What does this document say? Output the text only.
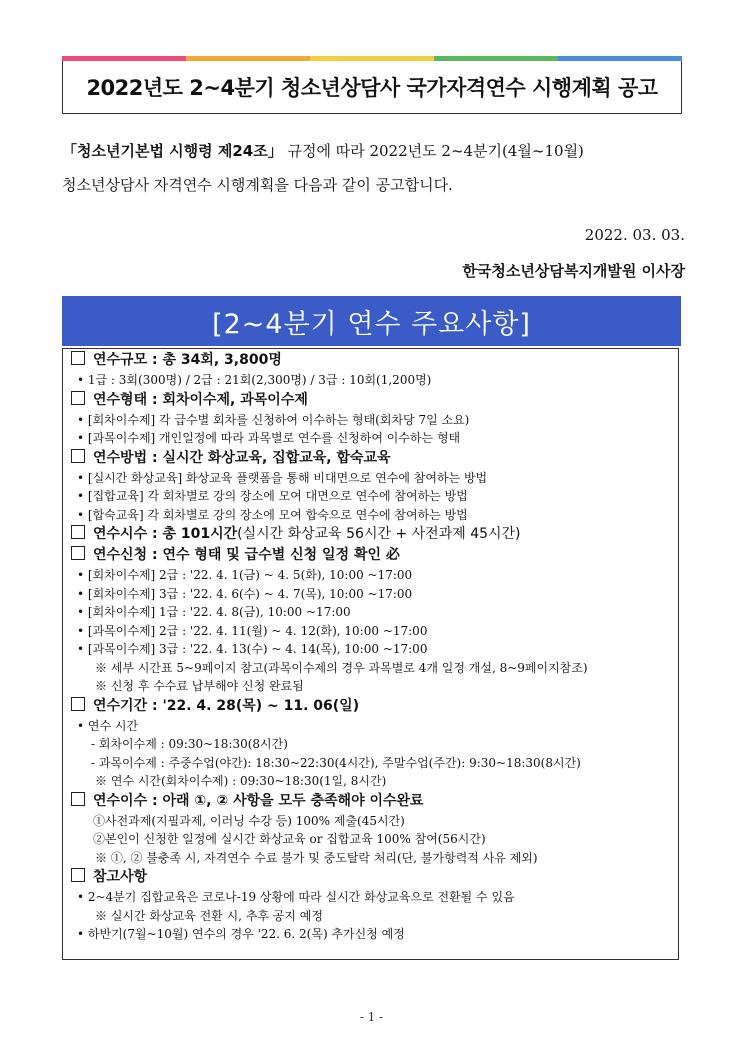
2022년도 2~4분기 청소년상담사 국가자격연수 시행계획 공고
「청소년기본법 시행령 제24조」 규정에 따라 2022년도 2~4분기(4월~10월)
청소년상담사 자격연수 시행계획을 다음과 같이 공고합니다.
2022. 03. 03.
한국청소년상담복지개발원 이사장
[2~4분기 연수 주요사항]
연수규모 : 총 34회, 3,800명
• 1급 : 3회(300명) / 2급 : 21회(2,300명) / 3급 : 10회(1,200명)
연수형태 : 회차이수제, 과목이수제
• [회차이수제] 각 급수별 회차를 신청하여 이수하는 형태(회차당 7일 소요)
• [과목이수제] 개인일정에 따라 과목별로 연수를 신청하여 이수하는 형태
연수방법 : 실시간 화상교육, 집합교육, 합숙교육
• [실시간 화상교육] 화상교육 플랫폼을 통해 비대면으로 연수에 참여하는 방법
• [집합교육] 각 회차별로 강의 장소에 모여 대면으로 연수에 참여하는 방법
• [합숙교육] 각 회차별로 강의 장소에 모여 합숙으로 연수에 참여하는 방법
연수시수 : 총 101시간(실시간 화상교육 56시간 + 사전과제 45시간)
연수신청 : 연수 형태 및 급수별 신청 일정 확인 必
• [회차이수제] 2급 : '22. 4. 1(금) ~ 4. 5(화), 10:00 ~17:00
• [회차이수제] 3급 : '22. 4. 6(수) ~ 4. 7(목), 10:00 ~17:00
• [회차이수제] 1급 : '22. 4. 8(금), 10:00 ~17:00
• [과목이수제] 2급 : '22. 4. 11(월) ~ 4. 12(화), 10:00 ~17:00
• [과목이수제] 3급 : '22. 4. 13(수) ~ 4. 14(목), 10:00 ~17:00
※ 세부 시간표 5~9페이지 참고(과목이수제의 경우 과목별로 4개 일정 개설, 8~9페이지참조)
※ 신청 후 수수료 납부해야 신청 완료됨
연수기간 : '22. 4. 28(목) ~ 11. 06(일)
• 연수 시간
- 회차이수제 : 09:30~18:30(8시간)
- 과목이수제 : 주중수업(야간): 18:30~22:30(4시간), 주말수업(주간): 9:30~18:30(8시간)
※ 연수 시간(회차이수제) : 09:30~18:30(1일, 8시간)
연수이수 : 아래 ①, ② 사항을 모두 충족해야 이수완료
①사전과제(지필과제, 이러닝 수강 등) 100% 제출(45시간)
②본인이 신청한 일정에 실시간 화상교육 or 집합교육 100% 참여(56시간)
※ ①, ② 불충족 시, 자격연수 수료 불가 및 중도탈락 처리(단, 불가항력적 사유 제외)
참고사항
• 2~4분기 집합교육은 코로나-19 상황에 따라 실시간 화상교육으로 전환될 수 있음
※ 실시간 화상교육 전환 시, 추후 공지 예정
• 하반기(7월~10월) 연수의 경우 '22. 6. 2(목) 추가신청 예정
- 1 -
